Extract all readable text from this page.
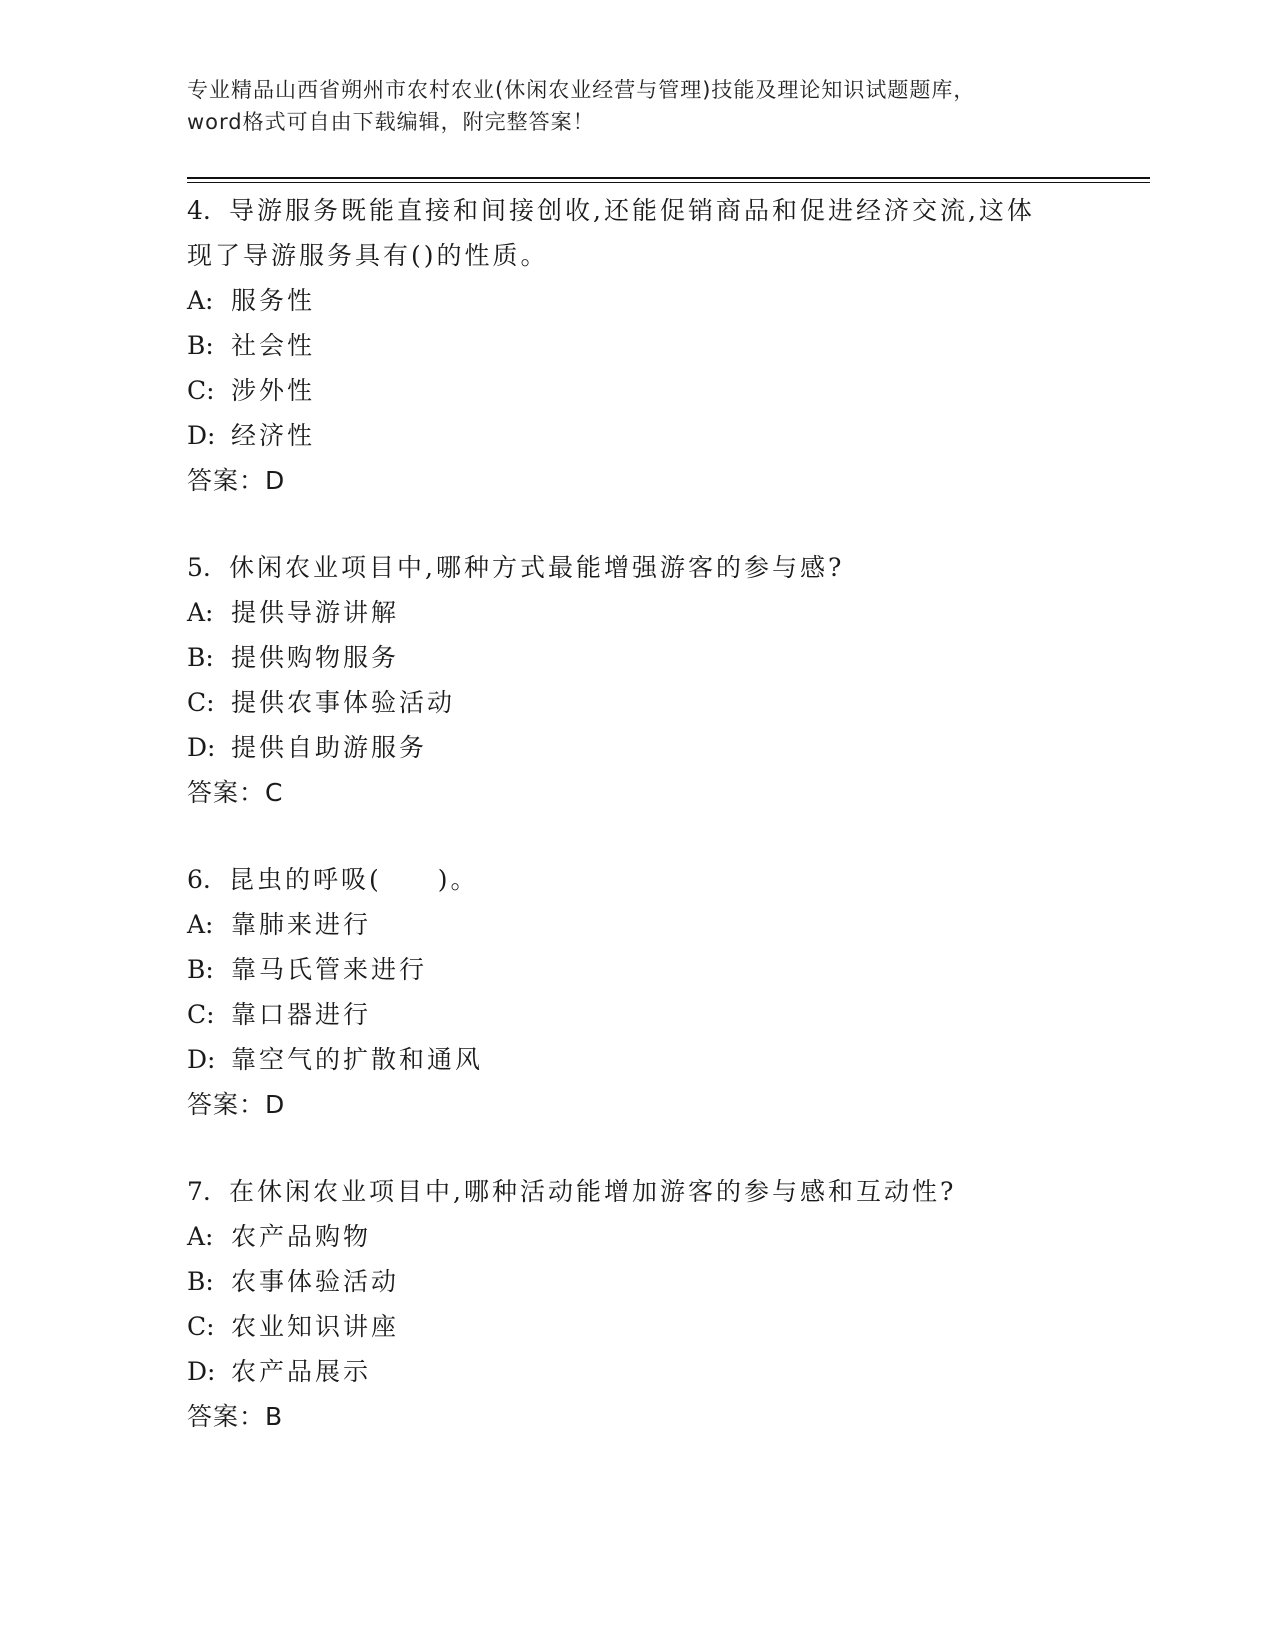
专业精品山西省朔州市农村农业(休闲农业经营与管理)技能及理论知识试题题库，
word格式可自由下载编辑，附完整答案！
4. 导游服务既能直接和间接创收,还能促销商品和促进经济交流,这体
现了导游服务具有()的性质。
A: 服务性
B: 社会性
C: 涉外性
D: 经济性
答案：D
5. 休闲农业项目中,哪种方式最能增强游客的参与感?
A: 提供导游讲解
B: 提供购物服务
C: 提供农事体验活动
D: 提供自助游服务
答案：C
6. 昆虫的呼吸(　　)。
A: 靠肺来进行
B: 靠马氏管来进行
C: 靠口器进行
D: 靠空气的扩散和通风
答案：D
7. 在休闲农业项目中,哪种活动能增加游客的参与感和互动性?
A: 农产品购物
B: 农事体验活动
C: 农业知识讲座
D: 农产品展示
答案：B
